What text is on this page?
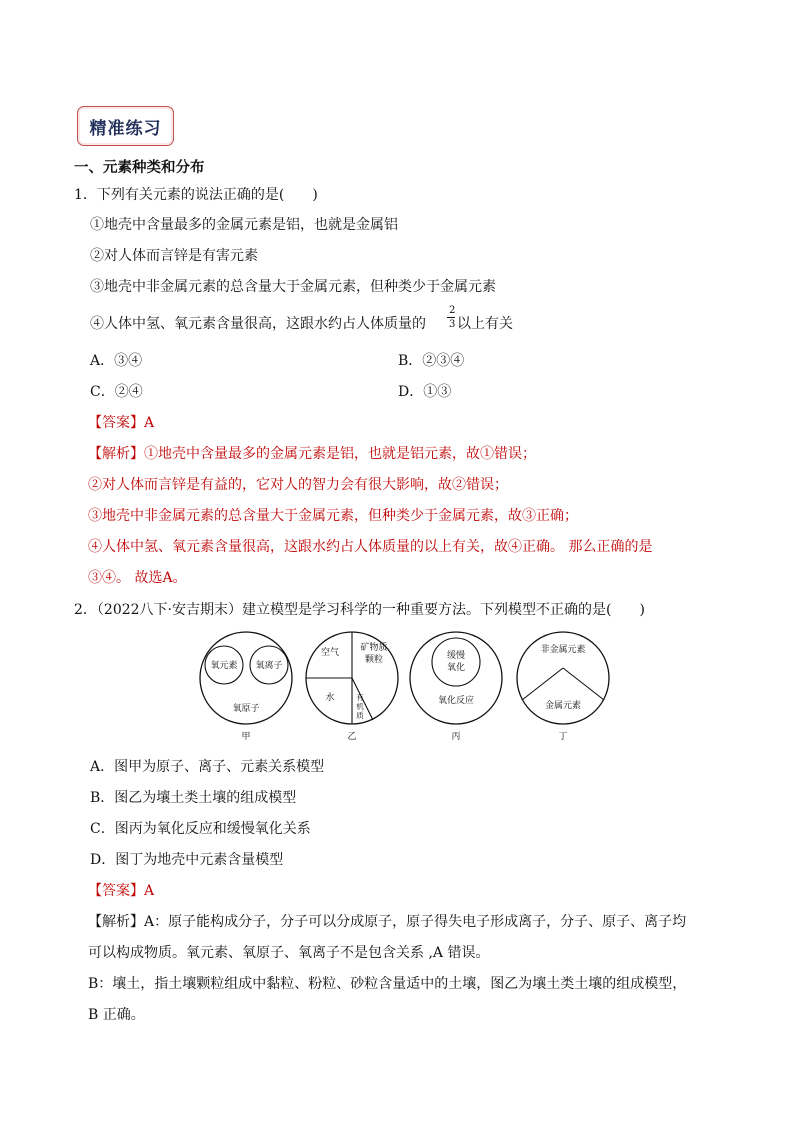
精准练习
一、元素种类和分布
1．下列有关元素的说法正确的是(　　)
①地壳中含量最多的金属元素是铝，也就是金属铝
②对人体而言锌是有害元素
③地壳中非金属元素的总含量大于金属元素，但种类少于金属元素
④人体中氢、氧元素含量很高，这跟水约占人体质量的
2
3 以上有关
A．③④	B．②③④
C．②④	D．①③
【答案】A
【解析】①地壳中含量最多的金属元素是铝，也就是铝元素，故①错误；
②对人体而言锌是有益的，它对人的智力会有很大影响，故②错误；
③地壳中非金属元素的总含量大于金属元素，但种类少于金属元素，故③正确；
④人体中氢、氧元素含量很高，这跟水约占人体质量的以上有关，故④正确。 那么正确的是
③④。 故选A。
2．（2022八下·安吉期末）建立模型是学习科学的一种重要方法。下列模型不正确的是(　　)
氧元素 氧离子
氧原子
甲
空气 矿物质
颗粒
水	有
机
质
乙
缓慢
氧化
氧化反应
丙
非金属元素
金属元素
丁
A．图甲为原子、离子、元素关系模型
B．图乙为壤土类土壤的组成模型
C．图丙为氧化反应和缓慢氧化关系
D．图丁为地壳中元素含量模型
【答案】A
【解析】A：原子能构成分子，分子可以分成原子，原子得失电子形成离子，分子、原子、离子均
可以构成物质。氧元素、氧原子、氧离子不是包含关系 ,A 错误。
B：壤土，指土壤颗粒组成中黏粒、粉粒、砂粒含量适中的土壤，图乙为壤土类土壤的组成模型，
B 正确。
